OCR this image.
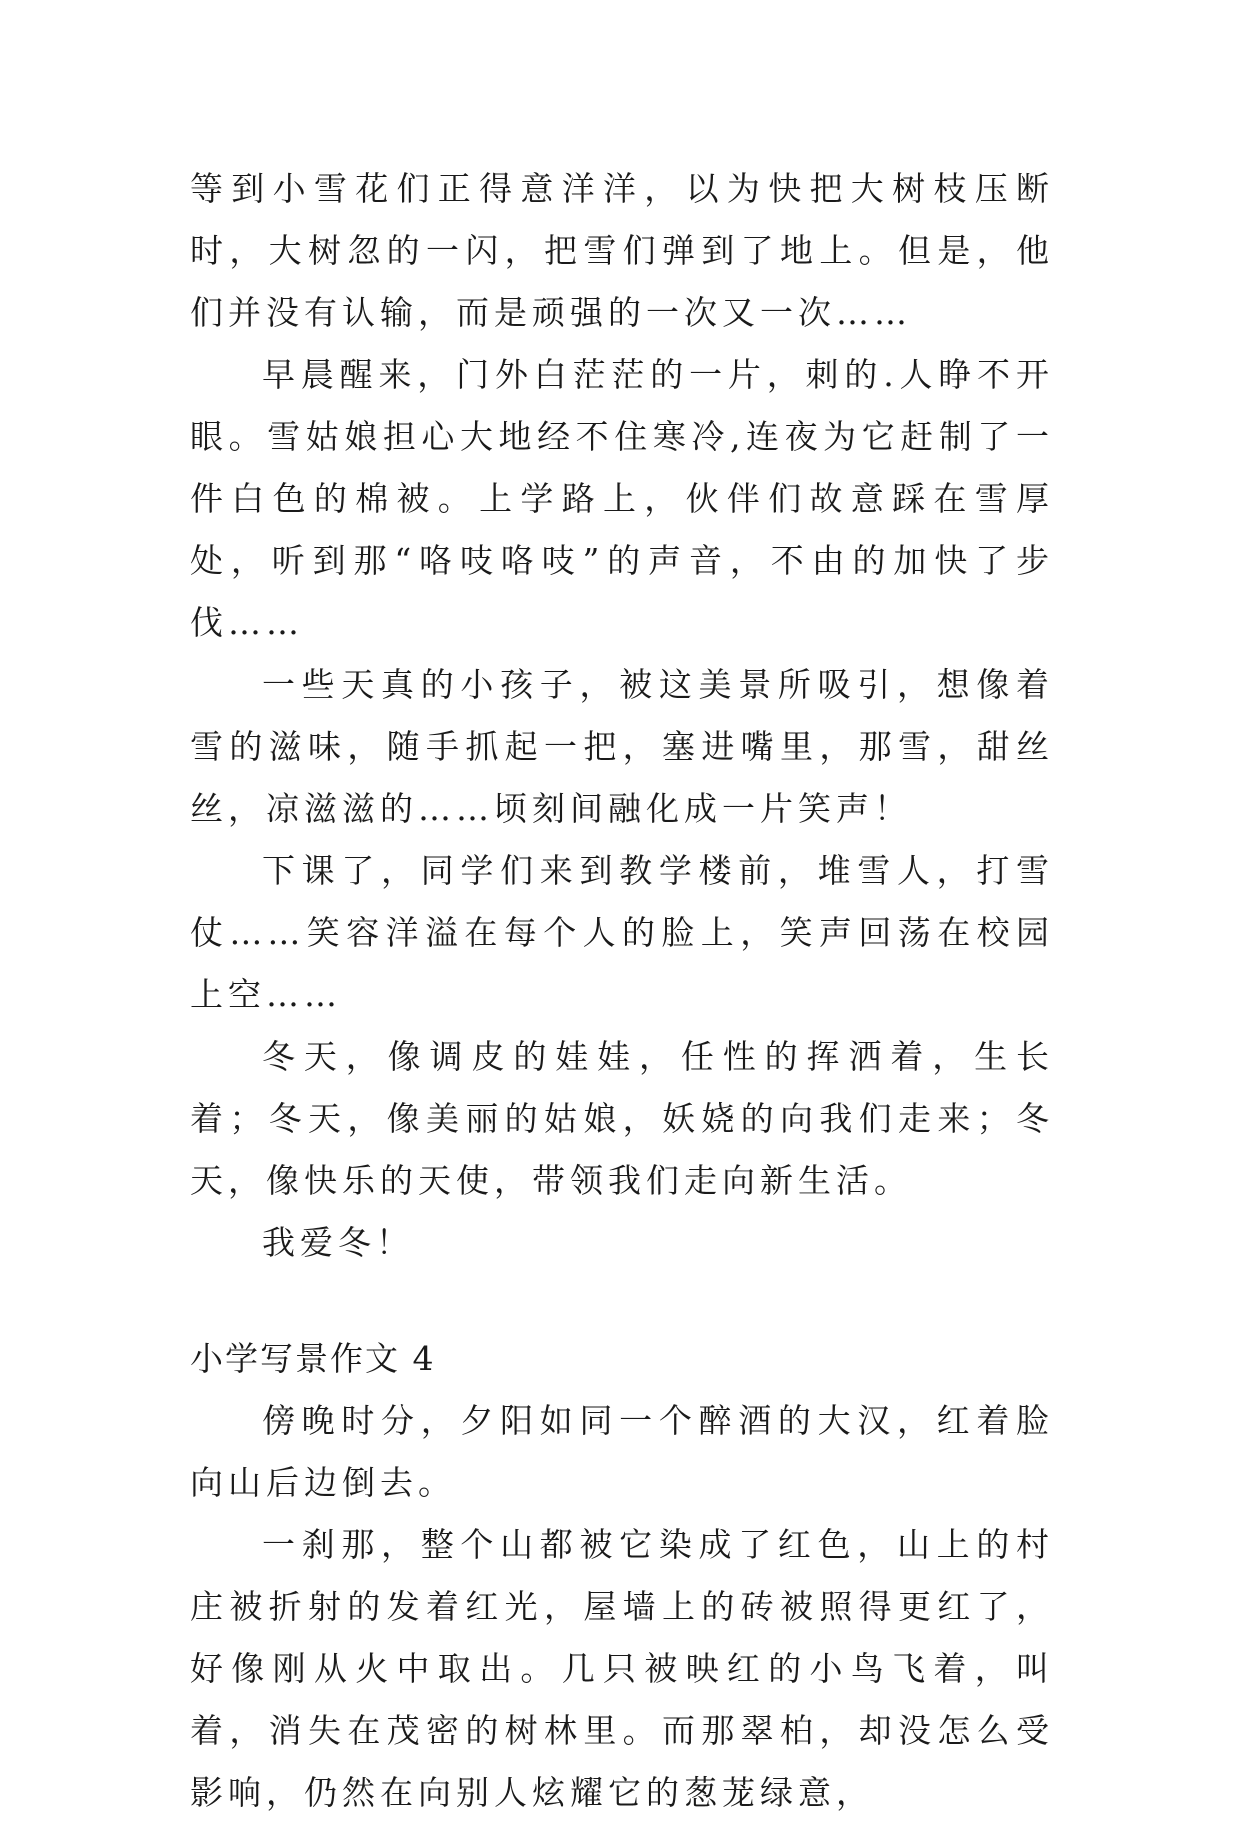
等到小雪花们正得意洋洋，以为快把大树枝压断时，大树忽的一闪，把雪们弹到了地上。但是，他们并没有认输，而是顽强的一次又一次……

早晨醒来，门外白茫茫的一片，刺的.人睁不开眼。雪姑娘担心大地经不住寒冷,连夜为它赶制了一件白色的棉被。上学路上，伙伴们故意踩在雪厚处，听到那“咯吱咯吱”的声音，不由的加快了步伐……

一些天真的小孩子，被这美景所吸引，想像着雪的滋味，随手抓起一把，塞进嘴里，那雪，甜丝丝，凉滋滋的……顷刻间融化成一片笑声！

下课了，同学们来到教学楼前，堆雪人，打雪仗……笑容洋溢在每个人的脸上，笑声回荡在校园上空……

冬天，像调皮的娃娃，任性的挥洒着，生长着；冬天，像美丽的姑娘，妖娆的向我们走来；冬天，像快乐的天使，带领我们走向新生活。

我爱冬！

小学写景作文 4

傍晚时分，夕阳如同一个醉酒的大汉，红着脸向山后边倒去。

一刹那，整个山都被它染成了红色，山上的村庄被折射的发着红光，屋墙上的砖被照得更红了，好像刚从火中取出。几只被映红的小鸟飞着，叫着，消失在茂密的树林里。而那翠柏，却没怎么受影响，仍然在向别人炫耀它的葱茏绿意，
